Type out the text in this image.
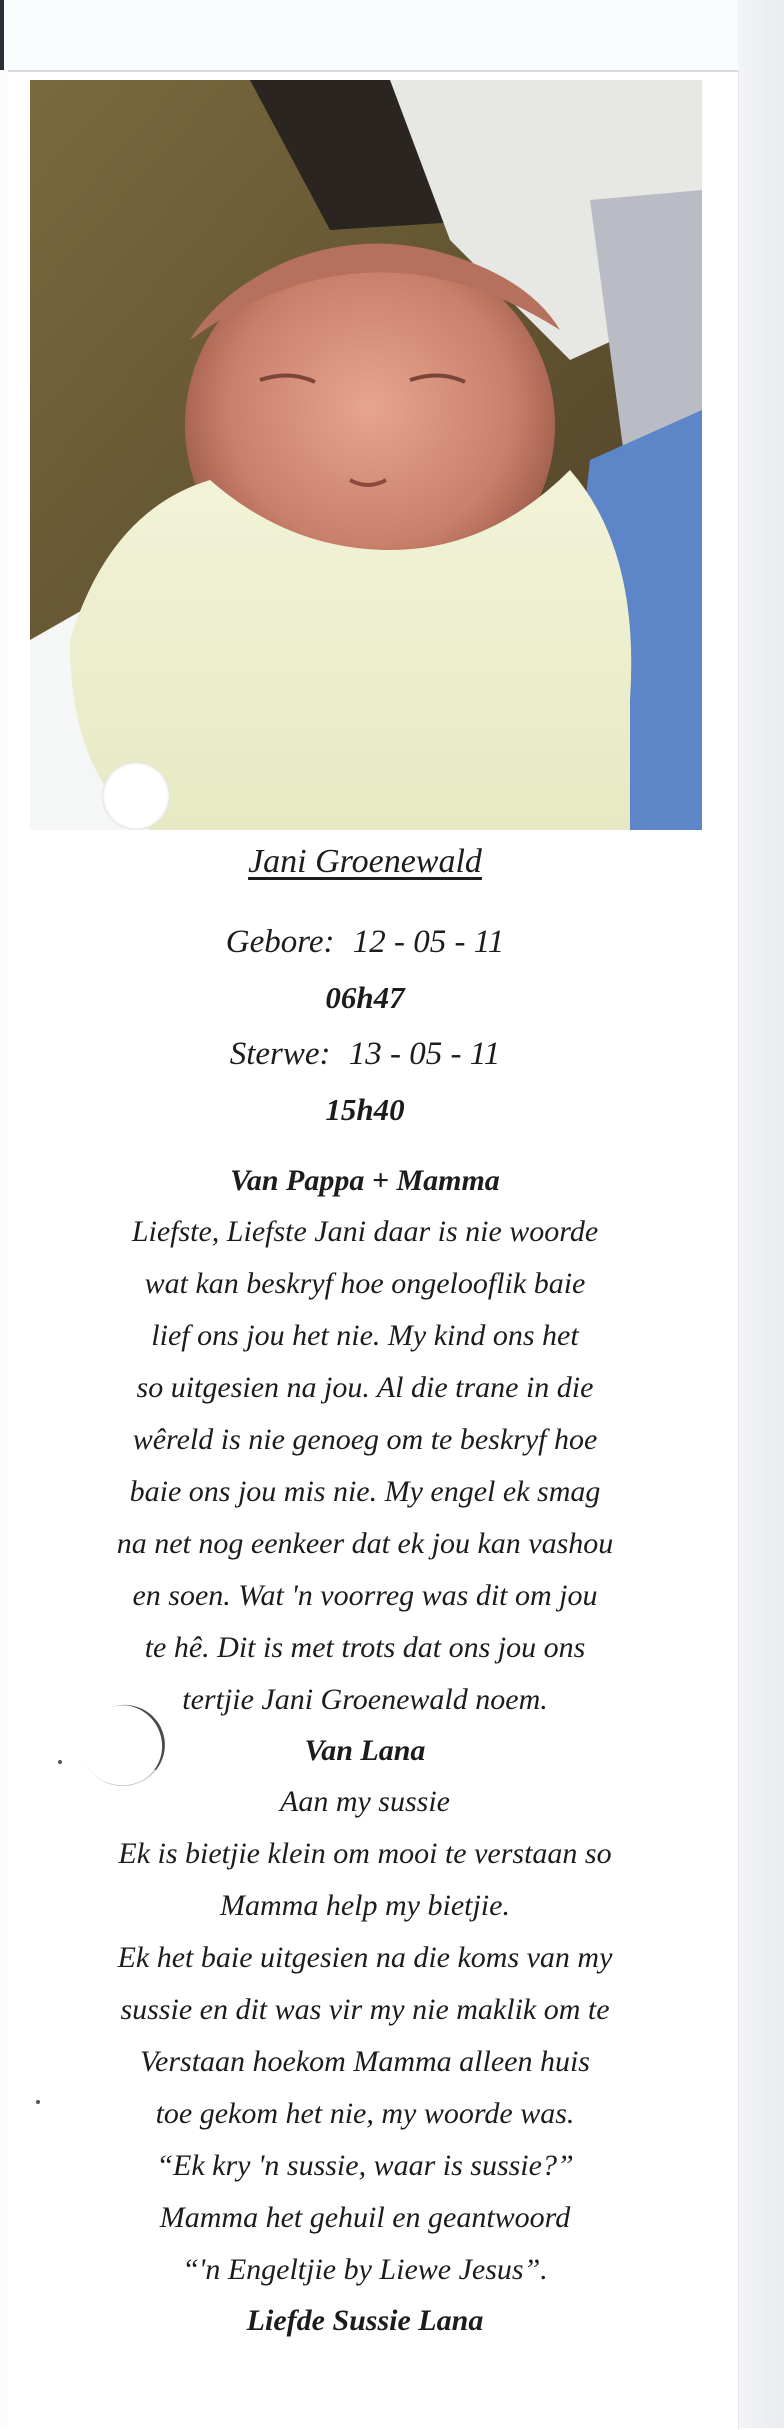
Jani Groenewald
Gebore: 12 - 05 - 11
06h47
Sterwe: 13 - 05 - 11
15h40
Van Pappa + Mamma
Liefste, Liefste Jani daar is nie woorde
wat kan beskryf hoe ongelooflik baie
lief ons jou het nie. My kind ons het
so uitgesien na jou. Al die trane in die
wêreld is nie genoeg om te beskryf hoe
baie ons jou mis nie. My engel ek smag
na net nog eenkeer dat ek jou kan vashou
en soen. Wat 'n voorreg was dit om jou
te hê. Dit is met trots dat ons jou ons
tertjie Jani Groenewald noem.
Van Lana
Aan my sussie
Ek is bietjie klein om mooi te verstaan so
Mamma help my bietjie.
Ek het baie uitgesien na die koms van my
sussie en dit was vir my nie maklik om te
Verstaan hoekom Mamma alleen huis
toe gekom het nie, my woorde was.
“Ek kry 'n sussie, waar is sussie?”
Mamma het gehuil en geantwoord
“'n Engeltjie by Liewe Jesus”.
Liefde Sussie Lana
